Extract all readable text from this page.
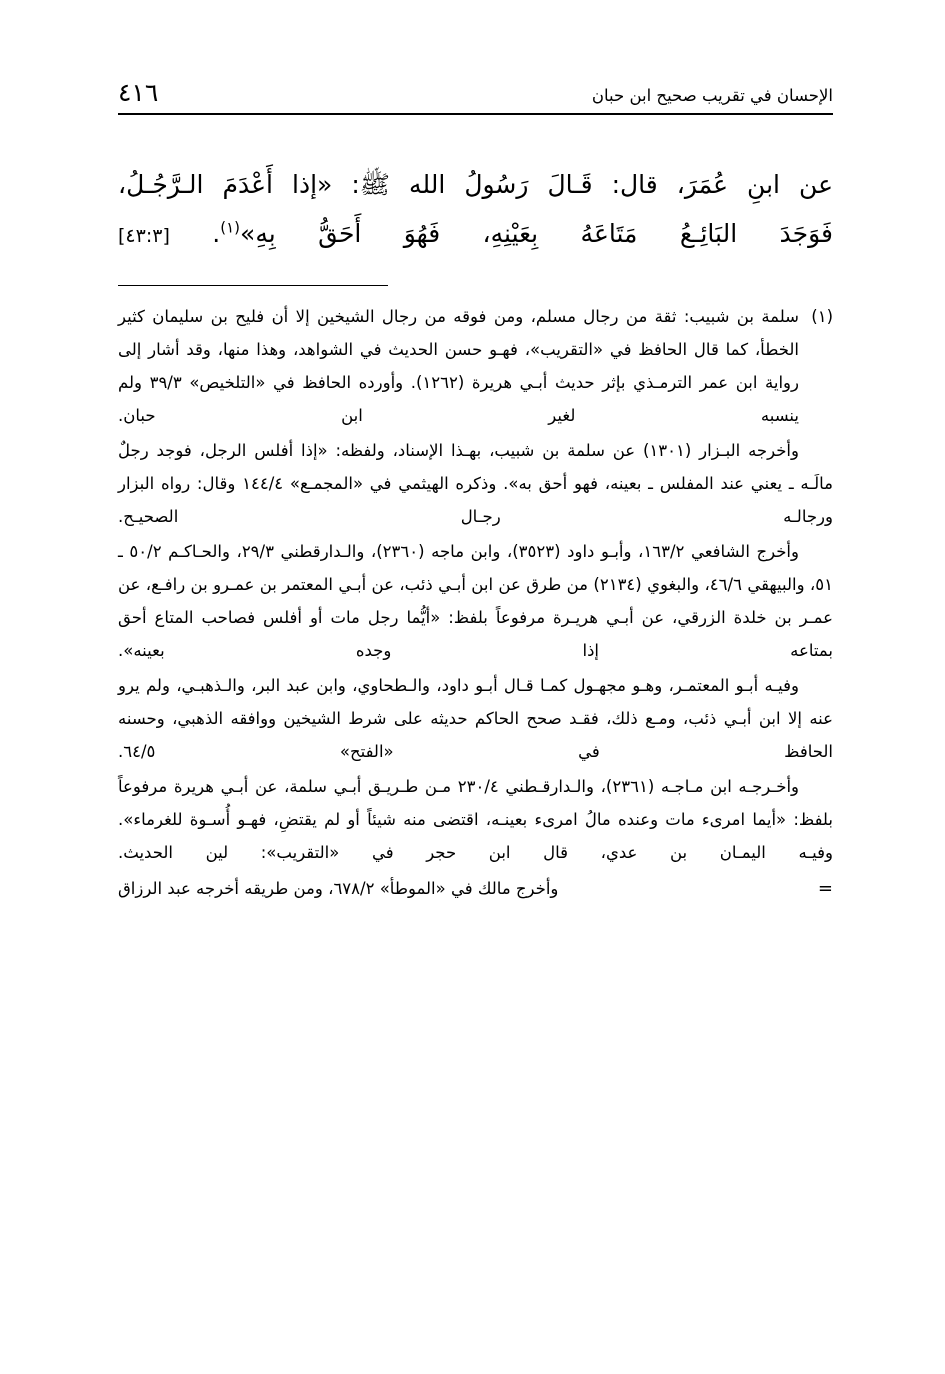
٤١٦	الإحسان في تقريب صحيح ابن حبان
عن ابنِ عُمَرَ، قال: قَـالَ رَسُولُ الله ﷺ: «إذا أَعْدَمَ الـرَّجُـلُ،
فَوَجَدَ البَائِـعُ مَتَاعَهُ بِعَيْنِهِ، فَهُوَ أَحَقُّ بِهِ»$^{(١)}$. [٤٣:٣]
(١)

سلمة بن شبيب: ثقة من رجال مسلم، ومن فوقه من رجال الشيخين إلا أن فليح بن سليمان كثير الخطأ، كما قال الحافظ في «التقريب»، فهـو حسن الحديث في الشواهد، وهذا منها، وقد أشار إلى رواية ابن عمر الترمـذي بإثر حديث أبـي هريرة (١٢٦٢). وأورده الحافظ في «التلخيص» ٣٩/٣ ولم ينسبه لغير ابن حبان.

وأخرجه البـزار (١٣٠١) عن سلمة بن شبيب، بهـذا الإسناد، ولفظه: «إذا أفلس الرجل، فوجد رجلٌ مالَـه ـ يعني عند المفلس ـ بعينه، فهو أحق به». وذكره الهيثمي في «المجمـع» ١٤٤/٤ وقال: رواه البزار ورجالـه رجـال الصحيـح.

وأخرج الشافعي ١٦٣/٢، وأبـو داود (٣٥٢٣)، وابن ماجه (٢٣٦٠)، والـدارقطني ٢٩/٣، والحـاكـم ٥٠/٢ ـ ٥١، والبيهقي ٤٦/٦، والبغوي (٢١٣٤) من طرق عن ابن أبـي ذئب، عن أبـي المعتمر بن عمـرو بن رافـع، عن عمـر بن خلدة الزرقي، عن أبـي هريـرة مرفوعاً بلفظ: «أيُّما رجل مات أو أفلس فصاحب المتاع أحق بمتاعه إذا وجده بعينه».

وفيـه أبـو المعتمـر، وهـو مجهـول كمـا قـال أبـو داود، والـطحاوي، وابن عبد البر، والـذهبـي، ولم يرو عنه إلا ابن أبـي ذئب، ومـع ذلك، فقـد صحح الحاكم حديثه على شرط الشيخين ووافقه الذهبي، وحسنه الحافظ في «الفتح» ٦٤/٥.

وأخـرجـه ابن مـاجـه (٢٣٦١)، والـدارقـطني ٢٣٠/٤ مـن طـريـق أبـي سلمة، عن أبـي هريرة مرفوعاً بلفظ: «أيما امرىء مات وعنده مالُ امرىء بعينـه، اقتضى منه شيئاً أو لم يقتضِ، فهـو أُسـوة للغرماء». وفيـه اليمـان بن عدي، قال ابن حجر في «التقريب»: لين الحديث.

وأخرج مالك في «الموطأ» ٦٧٨/٢، ومن طريقه أخرجه عبد الرزاق	=
